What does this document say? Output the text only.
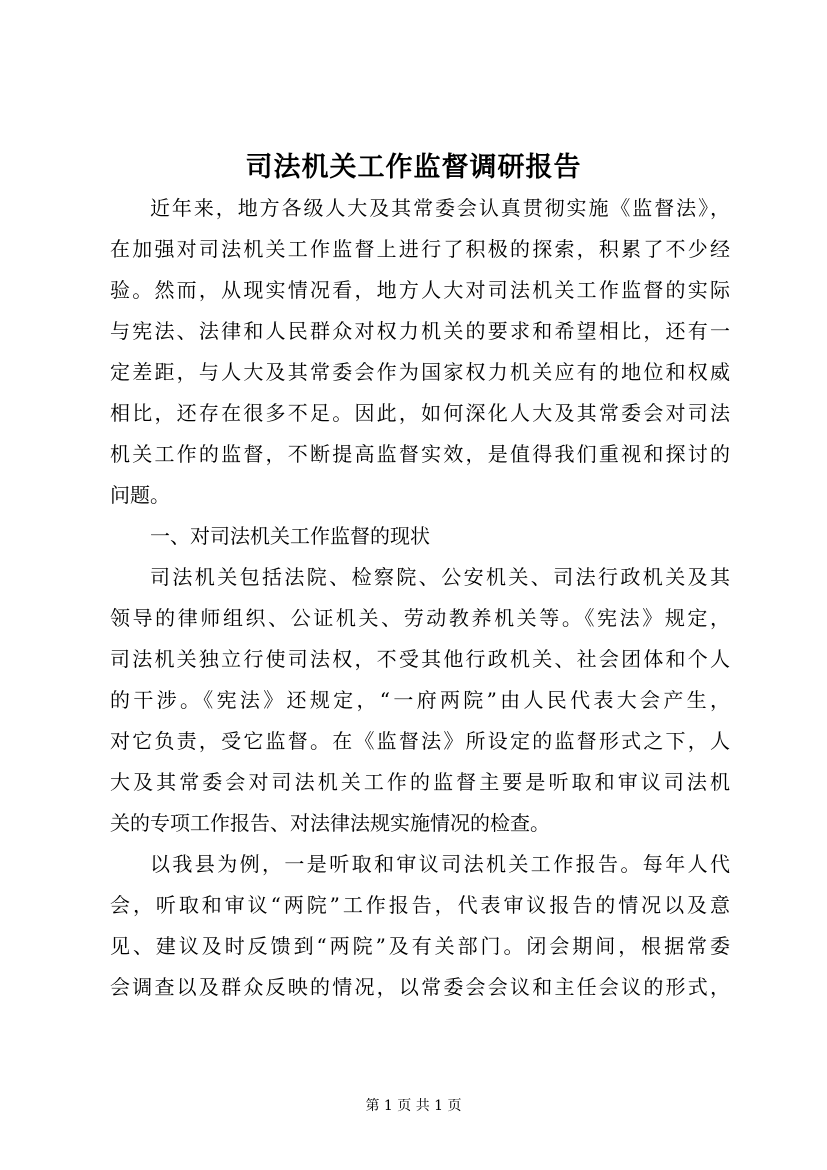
司法机关工作监督调研报告
近年来，地方各级人大及其常委会认真贯彻实施《监督法》，
在加强对司法机关工作监督上进行了积极的探索，积累了不少经
验。然而，从现实情况看，地方人大对司法机关工作监督的实际
与宪法、法律和人民群众对权力机关的要求和希望相比，还有一
定差距，与人大及其常委会作为国家权力机关应有的地位和权威
相比，还存在很多不足。因此，如何深化人大及其常委会对司法
机关工作的监督，不断提高监督实效，是值得我们重视和探讨的
问题。
一、对司法机关工作监督的现状
司法机关包括法院、检察院、公安机关、司法行政机关及其
领导的律师组织、公证机关、劳动教养机关等。《宪法》规定，
司法机关独立行使司法权，不受其他行政机关、社会团体和个人
的干涉。《宪法》还规定，“一府两院”由人民代表大会产生，
对它负责，受它监督。在《监督法》所设定的监督形式之下，人
大及其常委会对司法机关工作的监督主要是听取和审议司法机
关的专项工作报告、对法律法规实施情况的检查。
以我县为例，一是听取和审议司法机关工作报告。每年人代
会，听取和审议“两院”工作报告，代表审议报告的情况以及意
见、建议及时反馈到“两院”及有关部门。闭会期间，根据常委
会调查以及群众反映的情况，以常委会会议和主任会议的形式，
第 1 页 共 1 页
